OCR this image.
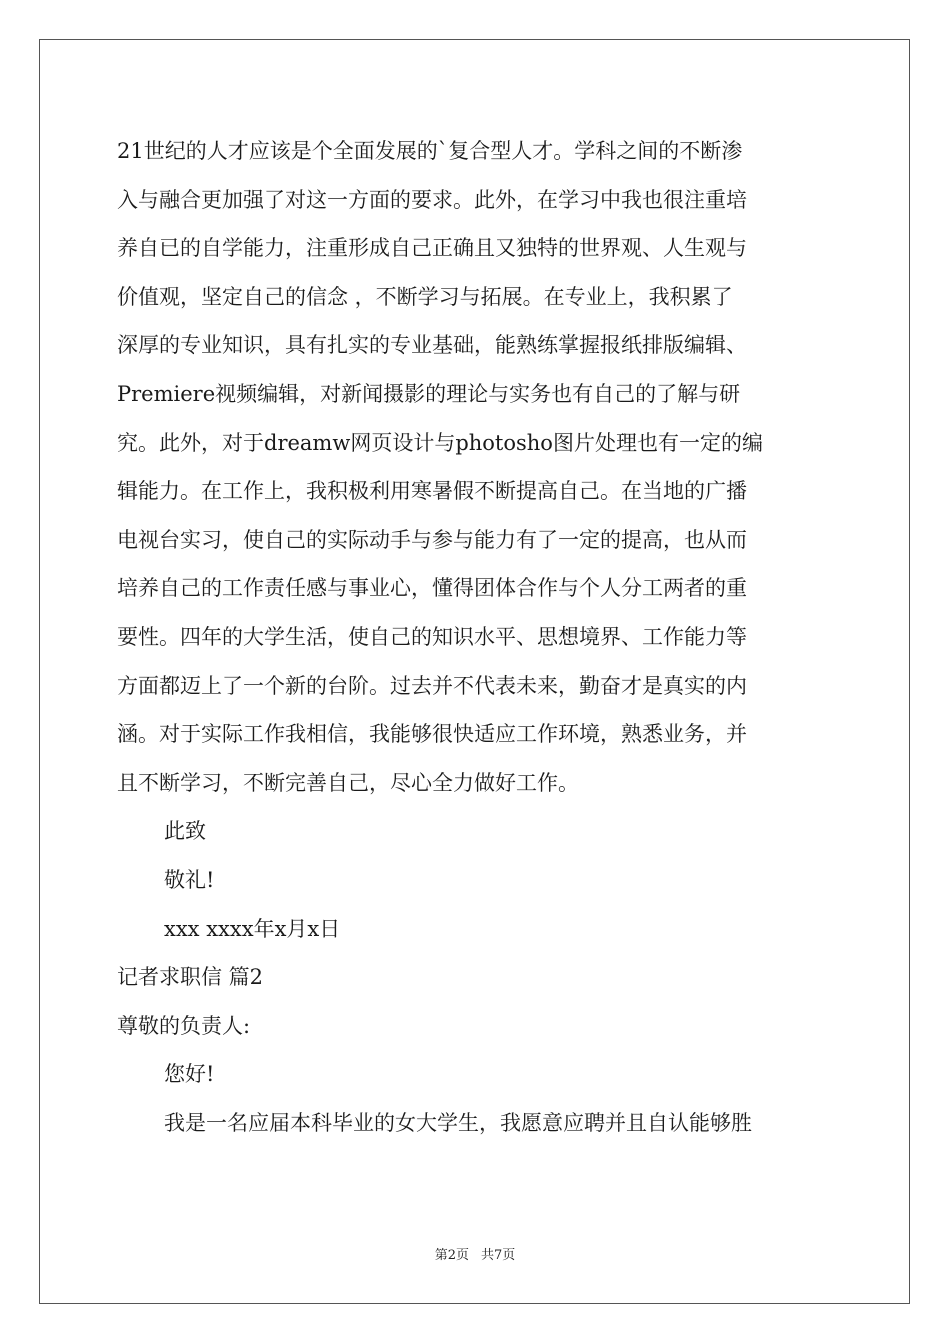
21世纪的人才应该是个全面发展的`复合型人才。学科之间的不断渗
入与融合更加强了对这一方面的要求。此外，在学习中我也很注重培
养自已的自学能力，注重形成自己正确且又独特的世界观、人生观与
价值观，坚定自己的信念 ，不断学习与拓展。在专业上，我积累了
深厚的专业知识，具有扎实的专业基础，能熟练掌握报纸排版编辑、
Premiere视频编辑，对新闻摄影的理论与实务也有自己的了解与研
究。此外，对于dreamw网页设计与photosho图片处理也有一定的编
辑能力。在工作上，我积极利用寒暑假不断提高自己。在当地的广播
电视台实习，使自己的实际动手与参与能力有了一定的提高，也从而
培养自己的工作责任感与事业心，懂得团体合作与个人分工两者的重
要性。四年的大学生活，使自己的知识水平、思想境界、工作能力等
方面都迈上了一个新的台阶。过去并不代表未来，勤奋才是真实的内
涵。对于实际工作我相信，我能够很快适应工作环境，熟悉业务，并
且不断学习，不断完善自己，尽心全力做好工作。
此致
敬礼!
xxx xxxx年x月x日
记者求职信 篇2
尊敬的负责人:
您好!
我是一名应届本科毕业的女大学生，我愿意应聘并且自认能够胜
第2页 共7页
